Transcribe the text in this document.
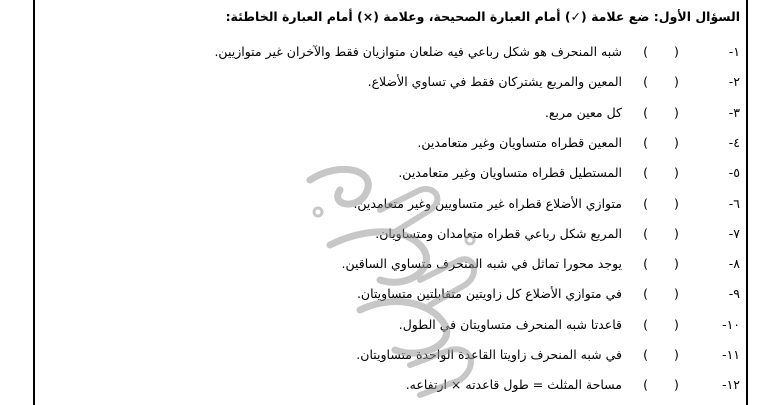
السؤال الأول: ضع علامة (✓) أمام العبارة الصحيحة، وعلامة (×) أمام العبارة الخاطئة:
١-
( )
شبه المنحرف هو شكل رباعي فيه ضلعان متوازيان فقط والآخران غير متوازيين.
٢-
( )
المعين والمربع يشتركان فقط في تساوي الأضلاع.
٣-
( )
كل معين مربع.
٤-
( )
المعين قطراه متساويان وغير متعامدين.
٥-
( )
المستطيل قطراه متساويان وغير متعامدين.
٦-
( )
متوازي الأضلاع قطراه غير متساويين وغير متعامدين.
٧-
( )
المربع شكل رباعي قطراه متعامدان ومتساويان.
٨-
( )
يوجد محورا تماثل في شبه المنحرف متساوي الساقين.
٩-
( )
في متوازي الأضلاع كل زاويتين متقابلتين متساويتان.
١٠-
( )
قاعدتا شبه المنحرف متساويتان في الطول.
١١-
( )
في شبه المنحرف زاويتا القاعدة الواحدة متساويتان.
١٢-
( )
مساحة المثلث = طول قاعدته × ارتفاعه.
